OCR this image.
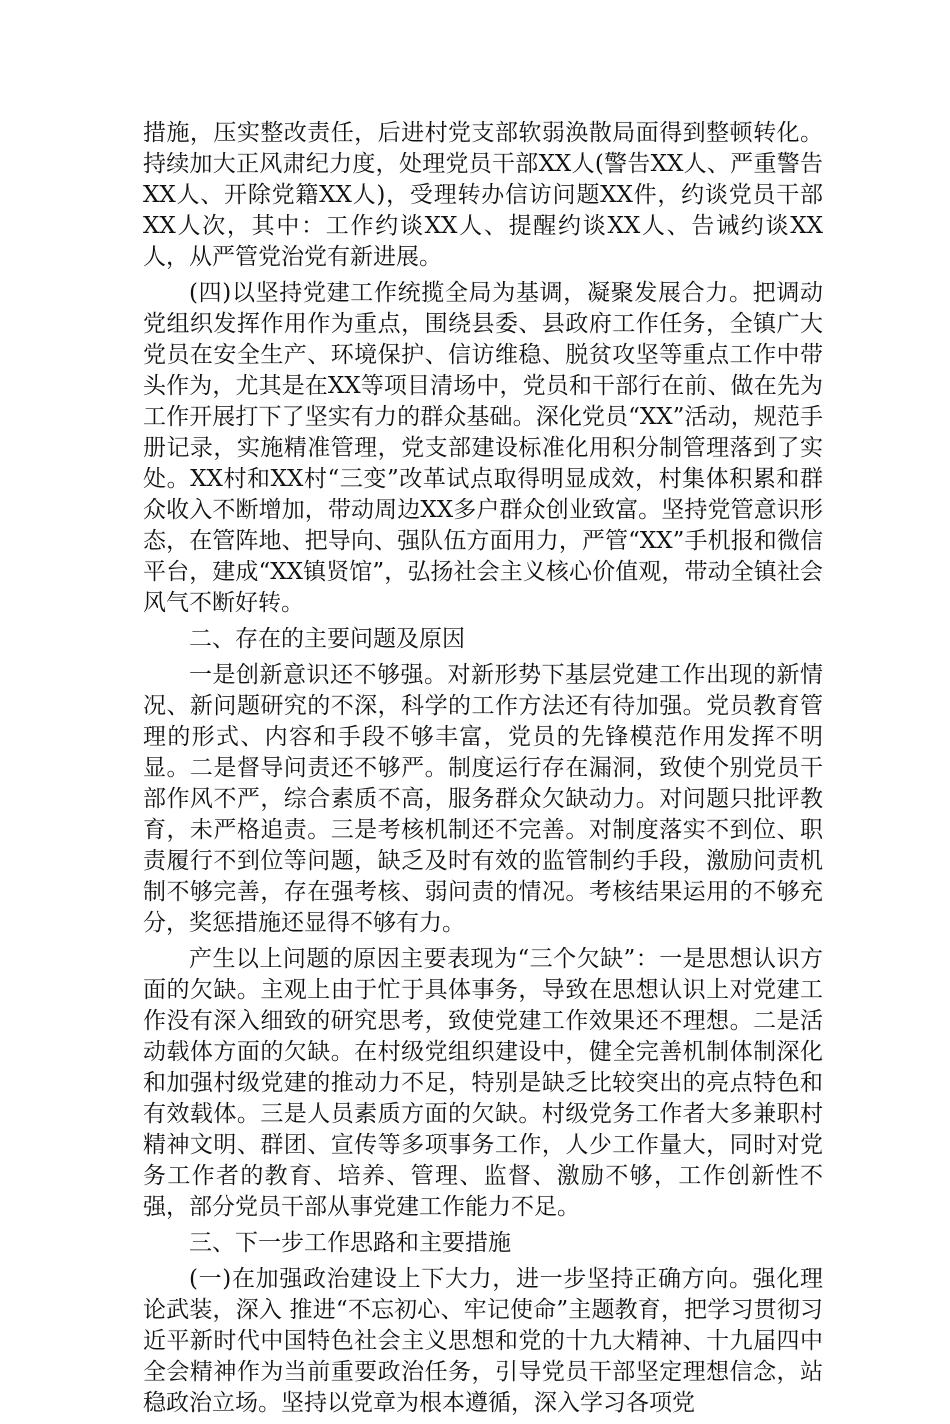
措施，压实整改责任，后进村党支部软弱涣散局面得到整顿转化。持续加大正风肃纪力度，处理党员干部XX人(警告XX人、严重警告XX人、开除党籍XX人)，受理转办信访问题XX件，约谈党员干部XX人次，其中：工作约谈XX人、提醒约谈XX人、告诫约谈XX人，从严管党治党有新进展。

(四)以坚持党建工作统揽全局为基调，凝聚发展合力。把调动党组织发挥作用作为重点，围绕县委、县政府工作任务，全镇广大党员在安全生产、环境保护、信访维稳、脱贫攻坚等重点工作中带头作为，尤其是在XX等项目清场中，党员和干部行在前、做在先为工作开展打下了坚实有力的群众基础。深化党员“XX”活动，规范手册记录，实施精准管理，党支部建设标准化用积分制管理落到了实处。XX村和XX村“三变”改革试点取得明显成效，村集体积累和群众收入不断增加，带动周边XX多户群众创业致富。坚持党管意识形态，在管阵地、把导向、强队伍方面用力，严管“XX”手机报和微信平台，建成“XX镇贤馆”，弘扬社会主义核心价值观，带动全镇社会风气不断好转。

二、存在的主要问题及原因

一是创新意识还不够强。对新形势下基层党建工作出现的新情况、新问题研究的不深，科学的工作方法还有待加强。党员教育管理的形式、内容和手段不够丰富，党员的先锋模范作用发挥不明显。二是督导问责还不够严。制度运行存在漏洞，致使个别党员干部作风不严，综合素质不高，服务群众欠缺动力。对问题只批评教育，未严格追责。三是考核机制还不完善。对制度落实不到位、职责履行不到位等问题，缺乏及时有效的监管制约手段，激励问责机制不够完善，存在强考核、弱问责的情况。考核结果运用的不够充分，奖惩措施还显得不够有力。

产生以上问题的原因主要表现为“三个欠缺”：一是思想认识方面的欠缺。主观上由于忙于具体事务，导致在思想认识上对党建工作没有深入细致的研究思考，致使党建工作效果还不理想。二是活动载体方面的欠缺。在村级党组织建设中，健全完善机制体制深化和加强村级党建的推动力不足，特别是缺乏比较突出的亮点特色和有效载体。三是人员素质方面的欠缺。村级党务工作者大多兼职村精神文明、群团、宣传等多项事务工作，人少工作量大，同时对党务工作者的教育、培养、管理、监督、激励不够，工作创新性不强，部分党员干部从事党建工作能力不足。

三、下一步工作思路和主要措施

(一)在加强政治建设上下大力，进一步坚持正确方向。强化理论武装，深入 推进“不忘初心、牢记使命”主题教育，把学习贯彻习近平新时代中国特色社会主义思想和党的十九大精神、十九届四中全会精神作为当前重要政治任务，引导党员干部坚定理想信念，站稳政治立场。坚持以党章为根本遵循，深入学习各项党
